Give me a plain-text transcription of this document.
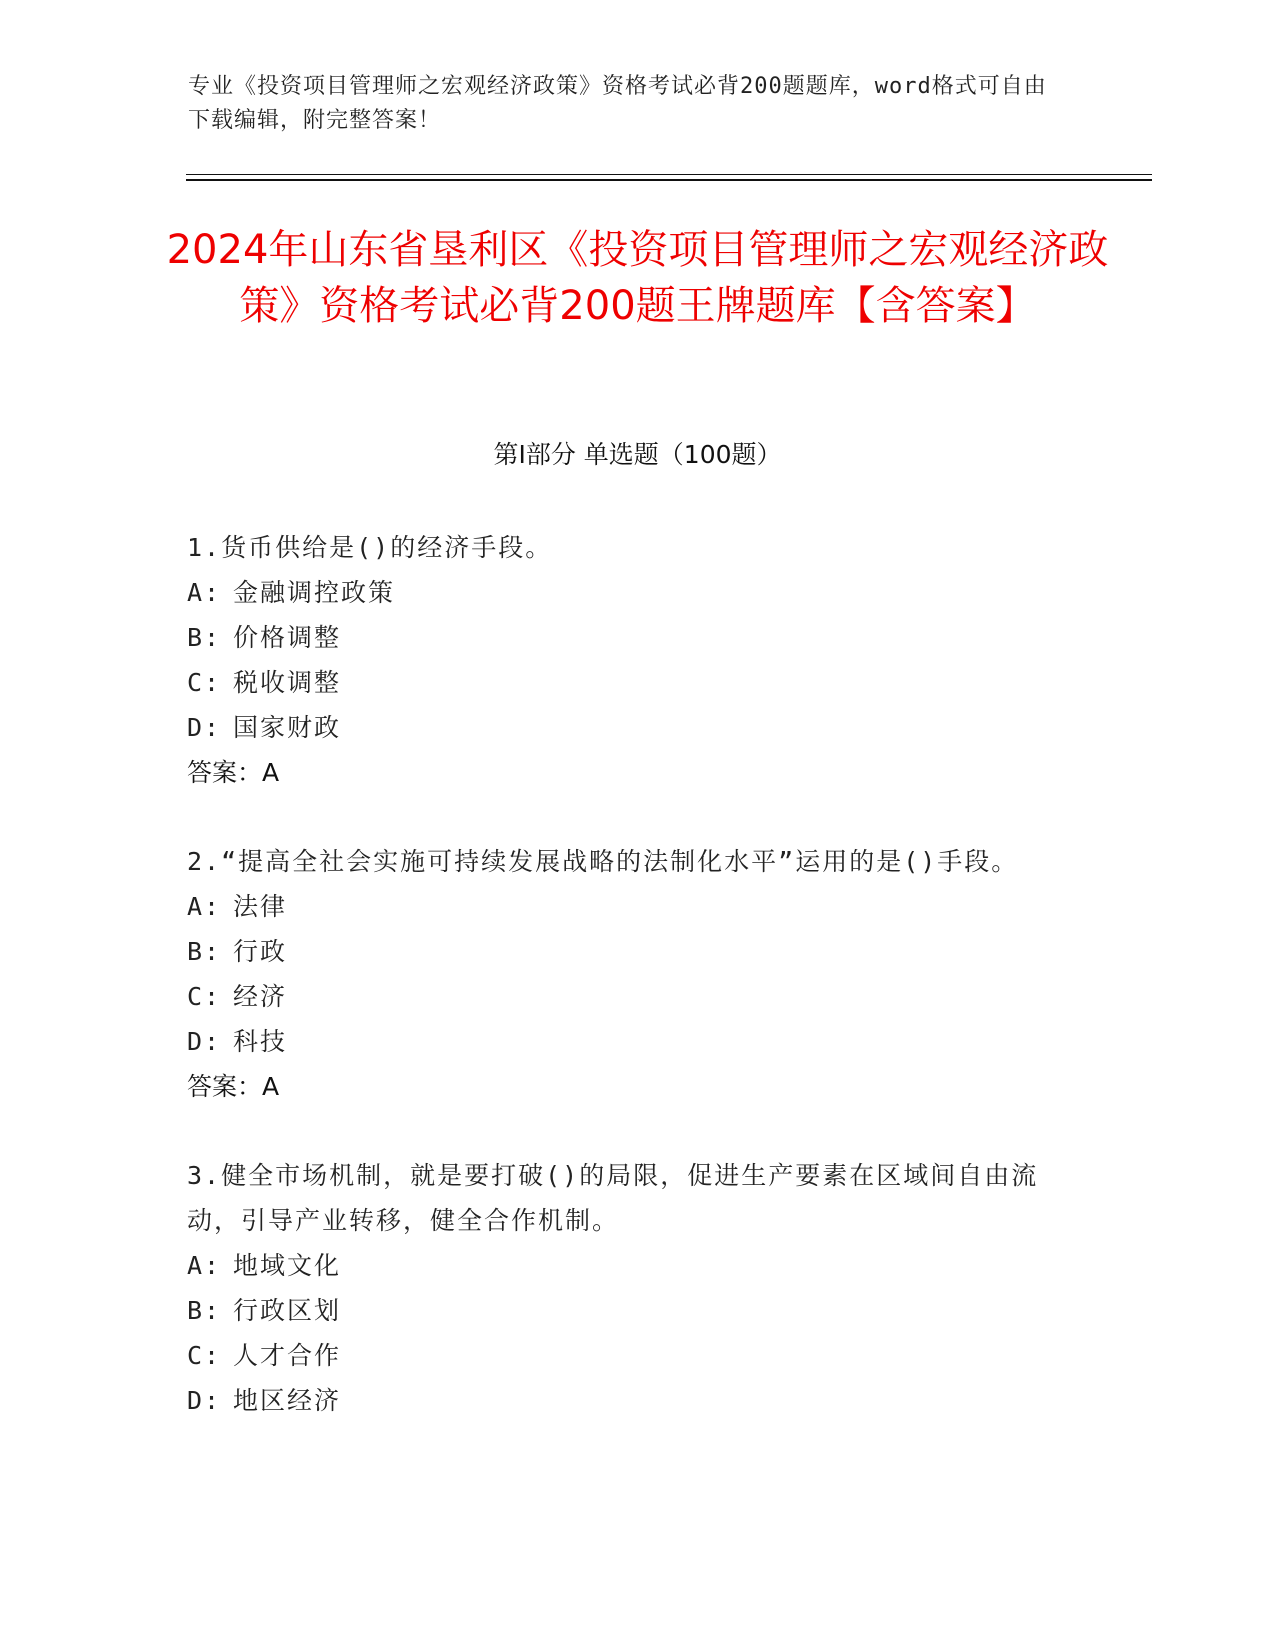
专业《投资项目管理师之宏观经济政策》资格考试必背200题题库，word格式可自由下载编辑，附完整答案！
2024年山东省垦利区《投资项目管理师之宏观经济政策》资格考试必背200题王牌题库【含答案】
第Ⅰ部分 单选题（100题）

1.货币供给是()的经济手段。

A: 金融调控政策

B: 价格调整

C: 税收调整

D: 国家财政

答案：A

2.“提高全社会实施可持续发展战略的法制化水平”运用的是()手段。

A: 法律

B: 行政

C: 经济

D: 科技

答案：A

3.健全市场机制，就是要打破()的局限，促进生产要素在区域间自由流动，引导产业转移，健全合作机制。

A: 地域文化

B: 行政区划

C: 人才合作

D: 地区经济
